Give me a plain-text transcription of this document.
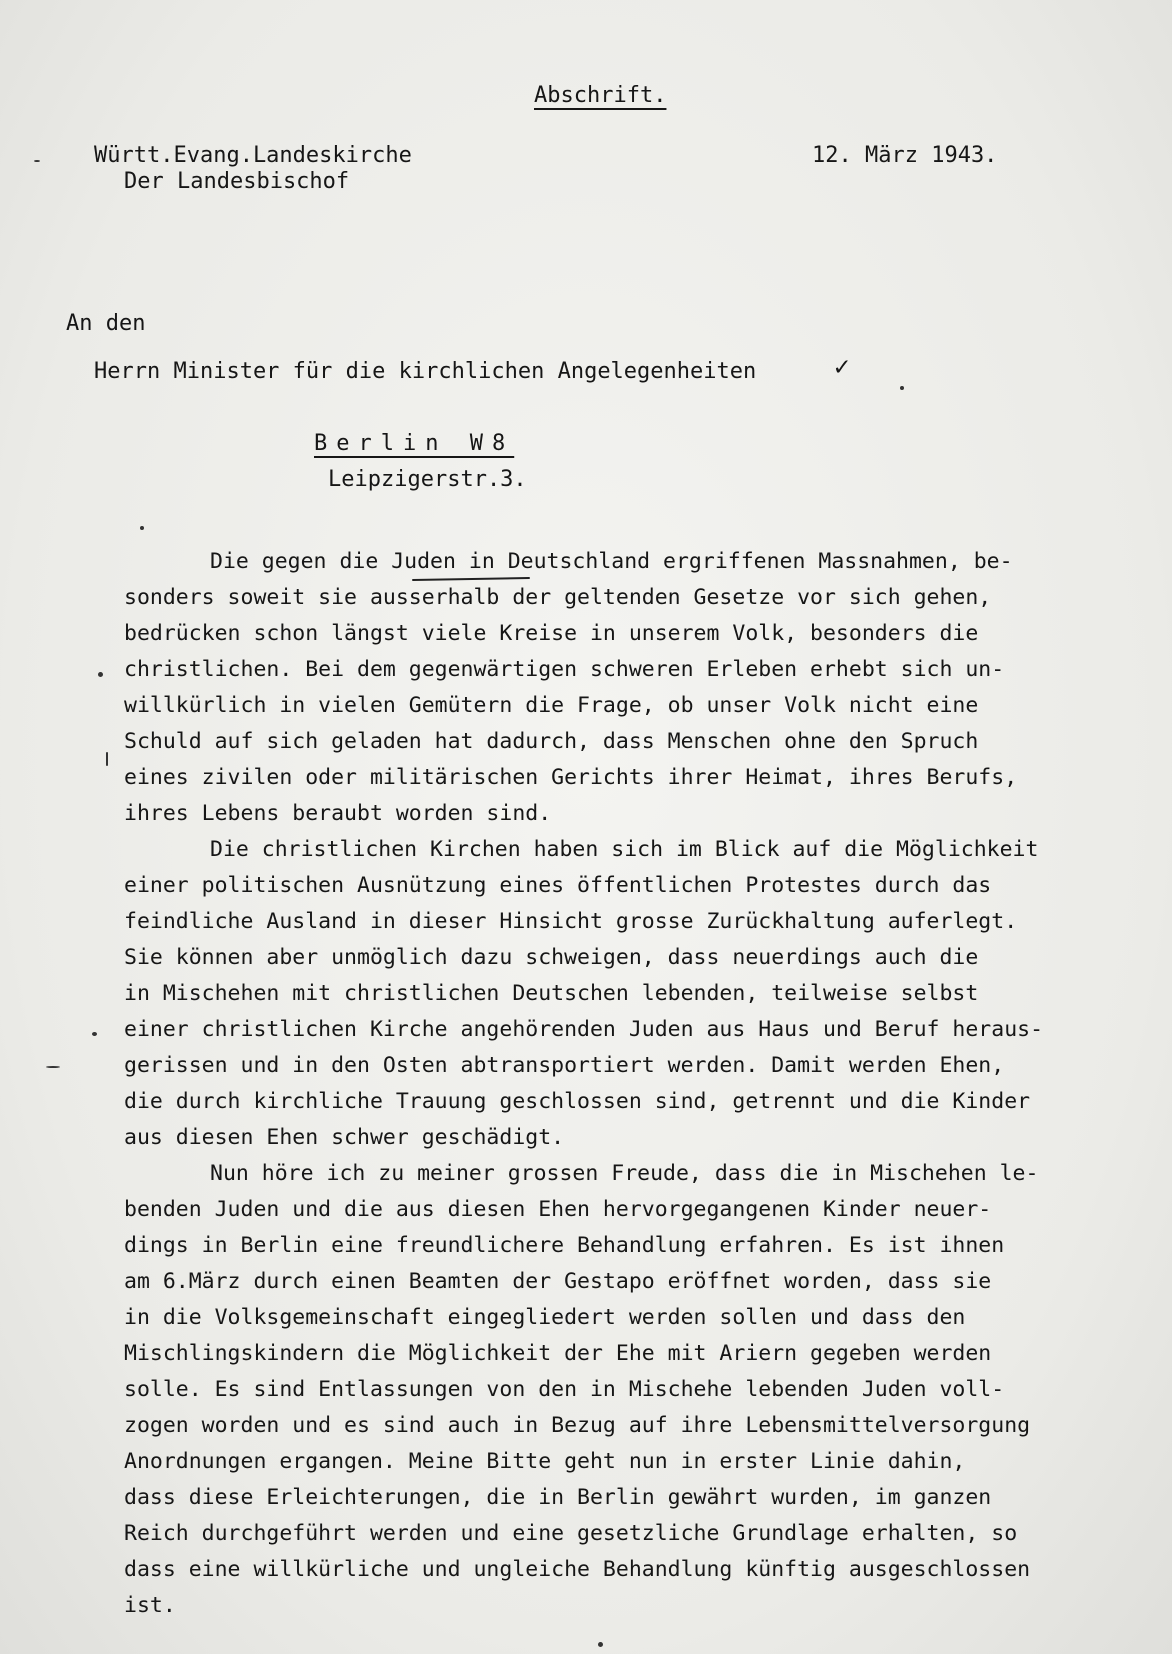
Abschrift.
Württ.Evang.Landeskirche
Der Landesbischof
12. März 1943.
An den
Herrn Minister für die kirchlichen Angelegenheiten	✓
Berlin W8
Leipzigerstr.3.
Die gegen die Juden in Deutschland ergriffenen Massnahmen, be-
sonders soweit sie ausserhalb der geltenden Gesetze vor sich gehen,
bedrücken schon längst viele Kreise in unserem Volk, besonders die
christlichen. Bei dem gegenwärtigen schweren Erleben erhebt sich un-
willkürlich in vielen Gemütern die Frage, ob unser Volk nicht eine
Schuld auf sich geladen hat dadurch, dass Menschen ohne den Spruch
eines zivilen oder militärischen Gerichts ihrer Heimat, ihres Berufs,
ihres Lebens beraubt worden sind.
Die christlichen Kirchen haben sich im Blick auf die Möglichkeit
einer politischen Ausnützung eines öffentlichen Protestes durch das
feindliche Ausland in dieser Hinsicht grosse Zurückhaltung auferlegt.
Sie können aber unmöglich dazu schweigen, dass neuerdings auch die
in Mischehen mit christlichen Deutschen lebenden, teilweise selbst
einer christlichen Kirche angehörenden Juden aus Haus und Beruf heraus-
gerissen und in den Osten abtransportiert werden. Damit werden Ehen,
die durch kirchliche Trauung geschlossen sind, getrennt und die Kinder
aus diesen Ehen schwer geschädigt.
Nun höre ich zu meiner grossen Freude, dass die in Mischehen le-
benden Juden und die aus diesen Ehen hervorgegangenen Kinder neuer-
dings in Berlin eine freundlichere Behandlung erfahren. Es ist ihnen
am 6.März durch einen Beamten der Gestapo eröffnet worden, dass sie
in die Volksgemeinschaft eingegliedert werden sollen und dass den
Mischlingskindern die Möglichkeit der Ehe mit Ariern gegeben werden
solle. Es sind Entlassungen von den in Mischehe lebenden Juden voll-
zogen worden und es sind auch in Bezug auf ihre Lebensmittelversorgung
Anordnungen ergangen. Meine Bitte geht nun in erster Linie dahin,
dass diese Erleichterungen, die in Berlin gewährt wurden, im ganzen
Reich durchgeführt werden und eine gesetzliche Grundlage erhalten, so
dass eine willkürliche und ungleiche Behandlung künftig ausgeschlossen
ist.
